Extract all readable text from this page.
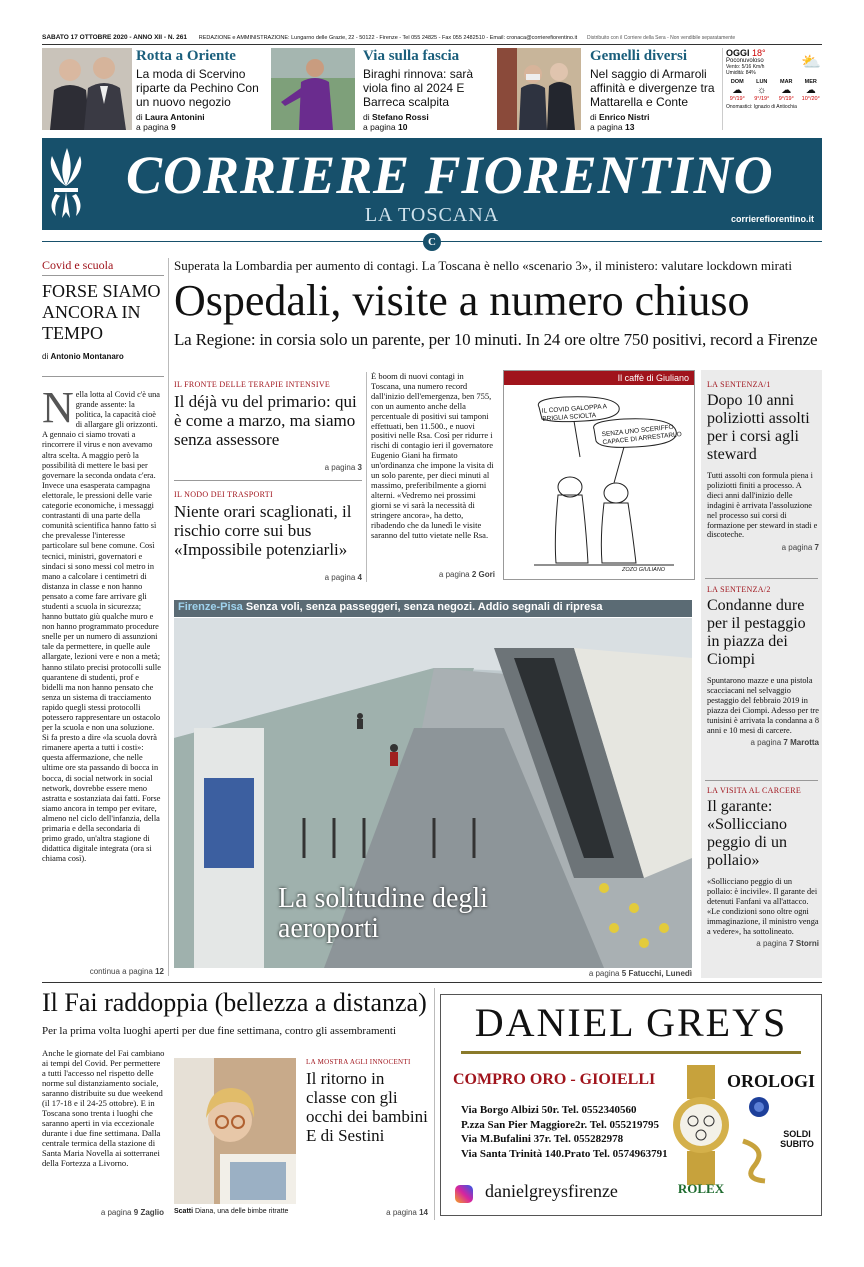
SABATO 17 OTTOBRE 2020 - ANNO XII - N. 261 REDAZIONE e AMMINISTRAZIONE: Lungarno delle Grazie, 22 - 50122 - Firenze - Tel 055 24825 - Fax 055 2482510 - Email: cronaca@corrierefiorentino.it Distribuito con il Corriere della Sera - Non vendibile separatamente
Rotta a Oriente
La moda di Scervino riparte da Pechino Con un nuovo negozio
di Laura Antonini
a pagina 9
Via sulla fascia
Biraghi rinnova: sarà viola fino al 2024 E Barreca scalpita
di Stefano Rossi
a pagina 10
Gemelli diversi
Nel saggio di Armaroli affinità e divergenze tra Mattarella e Conte
di Enrico Nistri
a pagina 13
OGGI 18°
Poconuvoloso
Vento: 5/16 Km/h
Umidità: 84%
⛅
DOM
☁
9°/19°
LUN
☼
9°/19°
MAR
☁
9°/19°
MER
☁
10°/20°
Onomastici: Ignazio di Antiochia
CORRIERE FIORENTINO
LA TOSCANA	corrierefiorentino.it
C
Covid e scuola
FORSE SIAMO ANCORA IN TEMPO
di Antonio Montanaro
Nella lotta al Covid c'è una grande assente: la politica, la capacità cioè di allargare gli orizzonti. A gennaio ci siamo trovati a rincorrere il virus e non avevamo altra scelta. A maggio però la possibilità di mettere le basi per governare la seconda ondata c'era. Invece una esasperata campagna elettorale, le pressioni delle varie categorie economiche, i messaggi contrastanti di una parte della comunità scientifica hanno fatto sì che prevalesse l'interesse particolare sul bene comune. Così tecnici, ministri, governatori e sindaci si sono messi col metro in mano a calcolare i centimetri di distanza in classe e non hanno pensato a come fare arrivare gli studenti a scuola in sicurezza; hanno buttato giù qualche muro e non hanno programmato procedure snelle per un numero di assunzioni tale da permettere, in quelle aule allargate, lezioni vere e non a metà; hanno stilato precisi protocolli sulle quarantene di studenti, prof e bidelli ma non hanno pensato che senza un sistema di tracciamento rapido quegli stessi protocolli potessero rappresentare un ostacolo per la scuola e non una soluzione. Si fa presto a dire «la scuola dovrà rimanere aperta a tutti i costi»: questa affermazione, che nelle ultime ore sta passando di bocca in bocca, di social network in social network, dovrebbe essere meno astratta e sostanziata dai fatti. Forse siamo ancora in tempo per evitare, almeno nel ciclo dell'infanzia, della primaria e della secondaria di primo grado, un'altra stagione di didattica digitale integrata (ora si chiama così).
continua a pagina 12
Superata la Lombardia per aumento di contagi. La Toscana è nello «scenario 3», il ministero: valutare lockdown mirati
Ospedali, visite a numero chiuso
La Regione: in corsia solo un parente, per 10 minuti. In 24 ore oltre 750 positivi, record a Firenze
IL FRONTE DELLE TERAPIE INTENSIVE
Il déjà vu del primario: qui è come a marzo, ma siamo senza assessore
a pagina 3
IL NODO DEI TRASPORTI
Niente orari scaglionati, il rischio corre sui bus «Impossibile potenziarli»
a pagina 4
È boom di nuovi contagi in Toscana, una numero record dall'inizio dell'emergenza, ben 755, con un aumento anche della percentuale di positivi sui tamponi effettuati, ben 11.500., e nuovi positivi nelle Rsa. Così per ridurre i rischi di contagio ieri il governatore Eugenio Giani ha firmato un'ordinanza che impone la visita di un solo parente, per dieci minuti al massimo, preferibilmente a giorni alterni. «Vedremo nei prossimi giorni se vi sarà la necessità di stringere ancora», ha detto, ribadendo che da lunedì le visite saranno del tutto vietate nelle Rsa.
a pagina 2 Gori
Il caffè di Giuliano
IL COVID GALOPPA A BRIGLIA SCIOLTA
SENZA UNO SCERIFFO CAPACE DI ARRESTARLO
ZOZO GIULIANO
LA SENTENZA/1
Dopo 10 anni poliziotti assolti per i corsi agli steward
Tutti assolti con formula piena i poliziotti finiti a processo. A dieci anni dall'inizio delle indagini è arrivata l'assoluzione nel processo sui corsi di formazione per steward in stadi e discoteche.
a pagina 7
LA SENTENZA/2
Condanne dure per il pestaggio in piazza dei Ciompi
Spuntarono mazze e una pistola scacciacani nel selvaggio pestaggio del febbraio 2019 in piazza dei Ciompi. Adesso per tre tunisini è arrivata la condanna a 8 anni e 10 mesi di carcere.
a pagina 7 Marotta
LA VISITA AL CARCERE
Il garante: «Sollicciano peggio di un pollaio»
«Sollicciano peggio di un pollaio: è incivile». Il garante dei detenuti Fanfani va all'attacco. «Le condizioni sono oltre ogni immaginazione, il ministro venga a vedere», ha sottolineato.
a pagina 7 Storni
Firenze-Pisa Senza voli, senza passeggeri, senza negozi. Addio segnali di ripresa
La solitudine degli aeroporti
a pagina 5 Fatucchi, Lunedì
Il Fai raddoppia (bellezza a distanza)
Per la prima volta luoghi aperti per due fine settimana, contro gli assembramenti
Anche le giornate del Fai cambiano ai tempi del Covid. Per permettere a tutti l'accesso nel rispetto delle norme sul distanziamento sociale, saranno distribuite su due weekend (il 17-18 e il 24-25 ottobre). E in Toscana sono trenta i luoghi che saranno aperti in via eccezionale durante i due fine settimana. Dalla centrale termica della stazione di Santa Maria Novella ai sotterranei della Fortezza a Livorno.
a pagina 9 Zaglio Scatti Diana, una delle bimbe ritratte
LA MOSTRA AGLI INNOCENTI
Il ritorno in classe con gli occhi dei bambini E di Sestini
a pagina 14
DANIEL GREYS
COMPRO ORO - GIOIELLI	OROLOGI
Via Borgo Albizi 50r. Tel. 0552340560
P.zza San Pier Maggiore2r. Tel. 055219795
Via M.Bufalini 37r. Tel. 055282978
Via Santa Trinità 140.Prato Tel. 0574963791
ROLEX
SOLDI SUBITO
danielgreysfirenze
